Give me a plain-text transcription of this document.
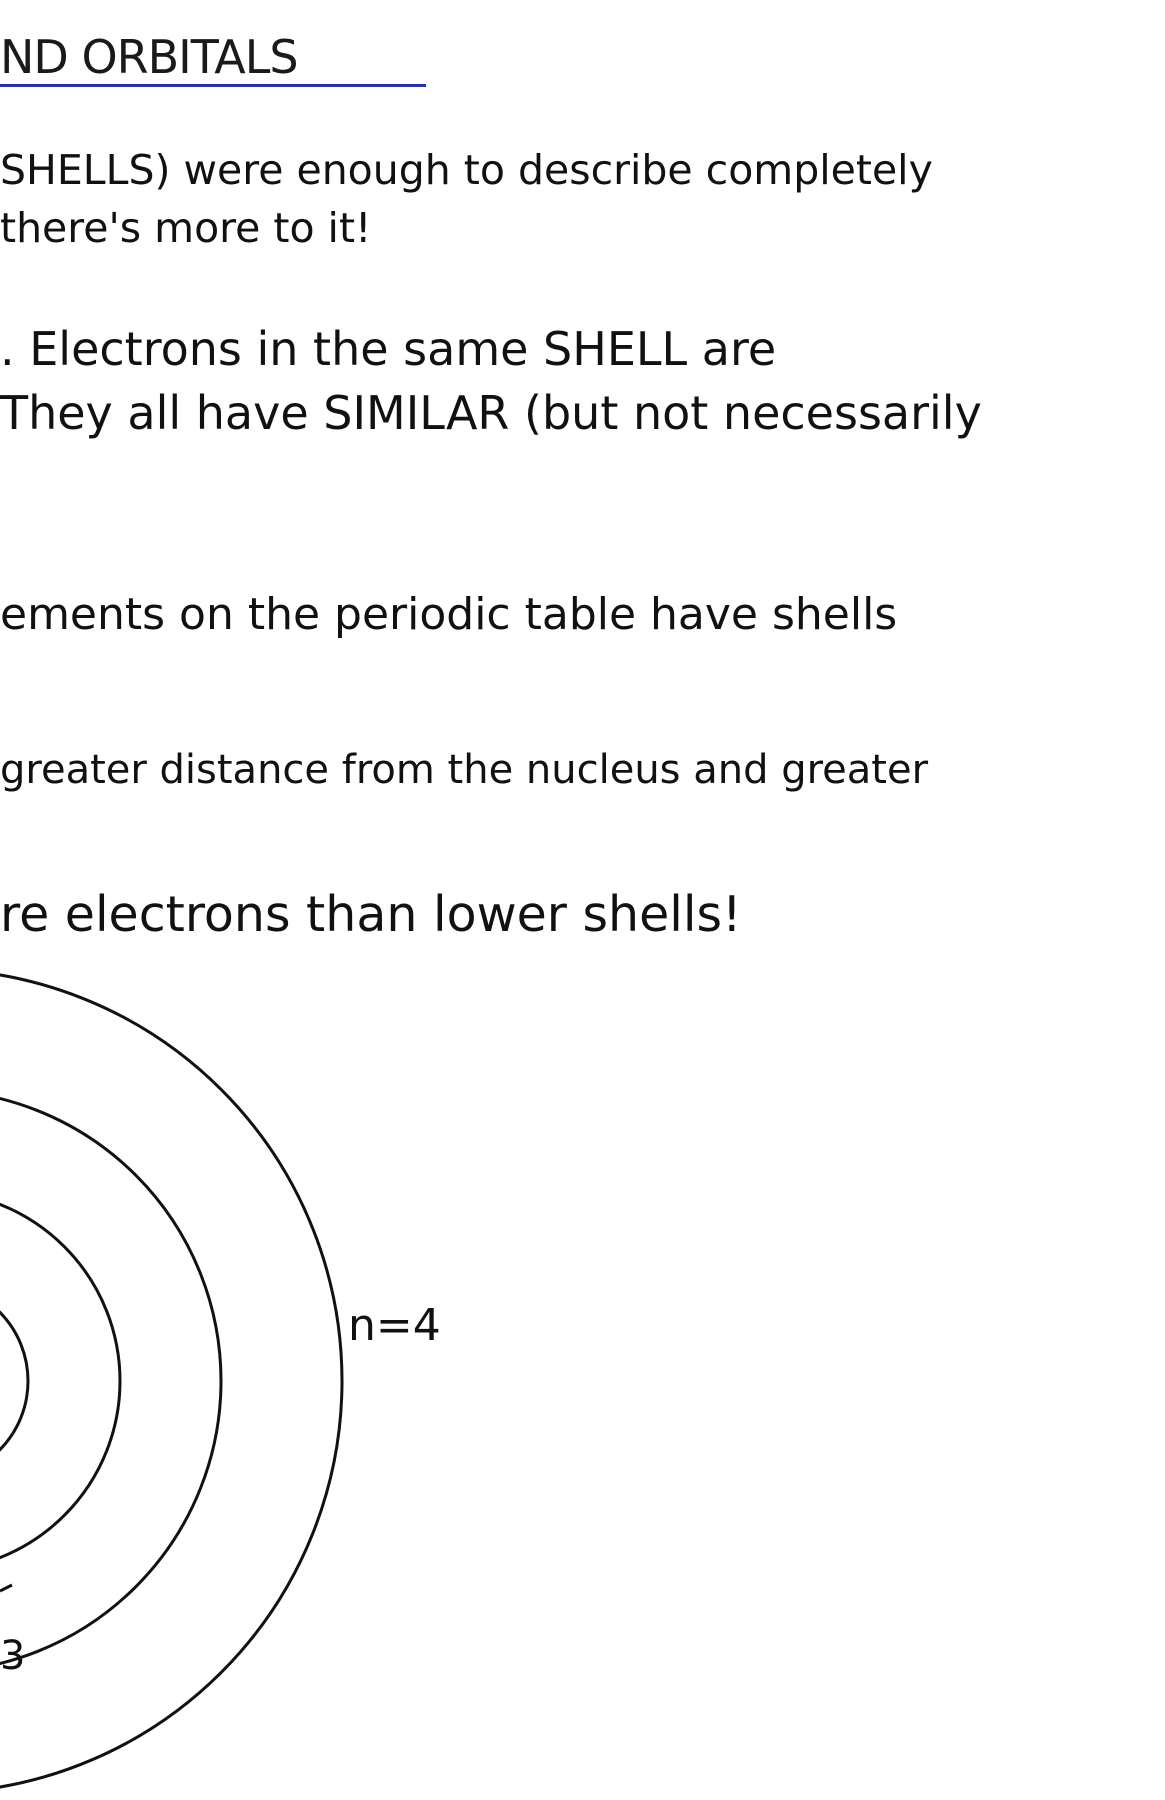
ND ORBITALS
SHELLS) were enough to describe completely
there's more to it!
. Electrons in the same SHELL are
They all have SIMILAR (but not necessarily
ements on the periodic table have shells
greater distance from the nucleus and greater
re electrons than lower shells!
n=4
3
